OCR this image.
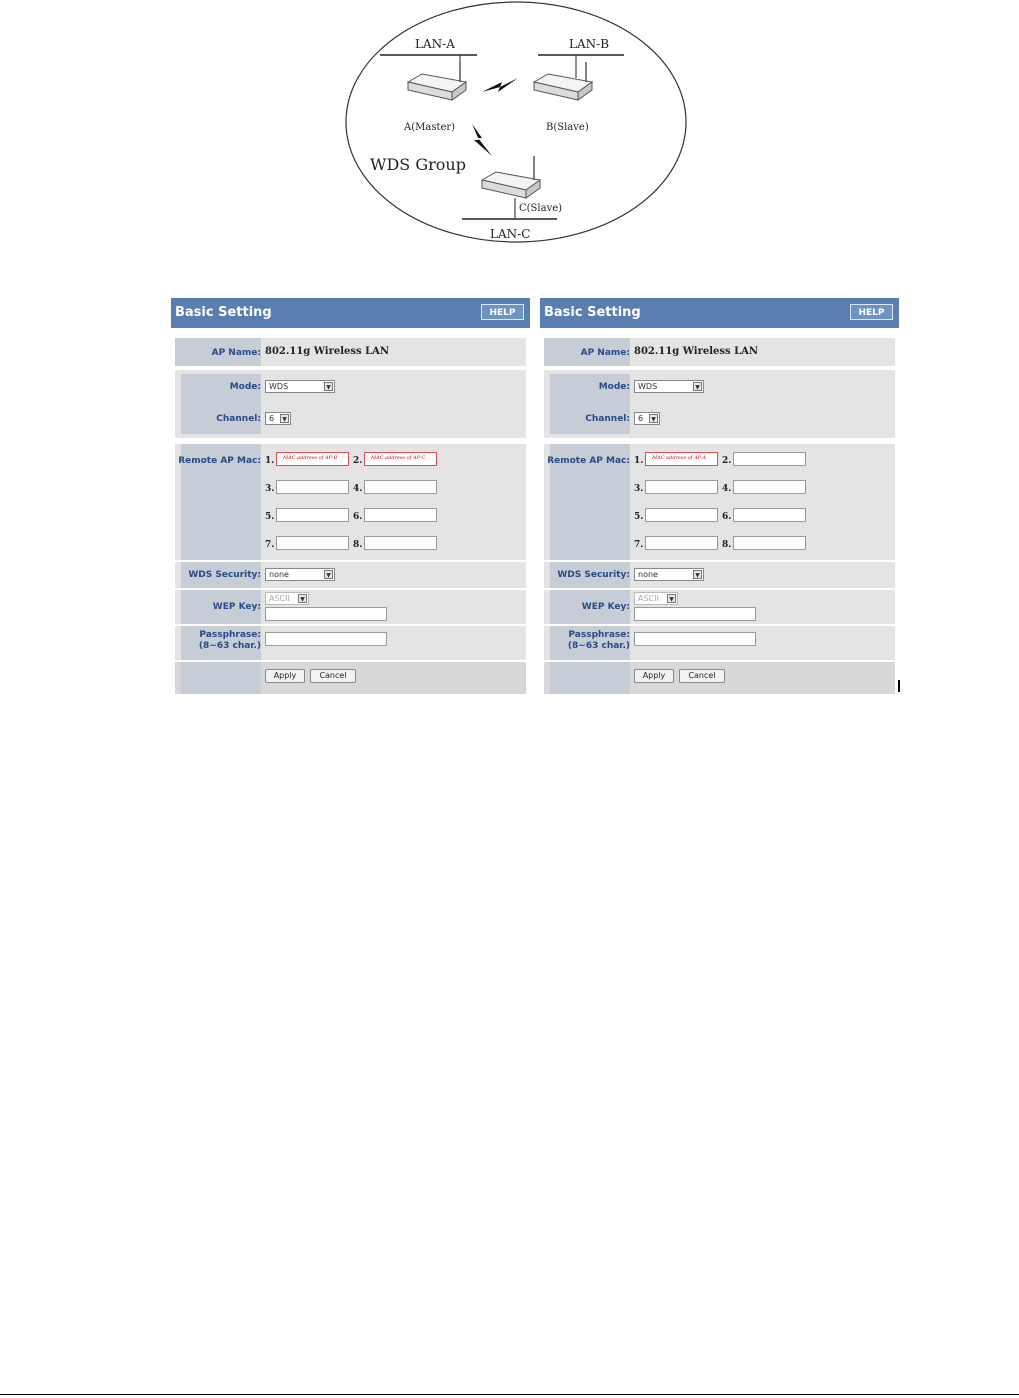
LAN-A
A(Master)
LAN-B
B(Slave)
WDS Group
C(Slave)
LAN-C
Basic Setting	HELP
AP Name: 802.11g Wireless LAN
Mode:	WDS	▼
Channel:	6	▼
Remote AP Mac: 1. MAC address of AP-B 2. MAC address of AP-C
3.	4.
5.	6.
7.	8.
WDS Security:	none	▼
WEP Key:
ASCII	▼
Passphrase:
(8~63 char.)
Apply	Cancel
Basic Setting	HELP
AP Name: 802.11g Wireless LAN
Mode:	WDS	▼
Channel:	6	▼
Remote AP Mac: 1. MAC address of AP-A 2.
3.	4.
5.	6.
7.	8.
WDS Security:	none	▼
WEP Key:
ASCII	▼
Passphrase:
(8~63 char.)
Apply	Cancel
